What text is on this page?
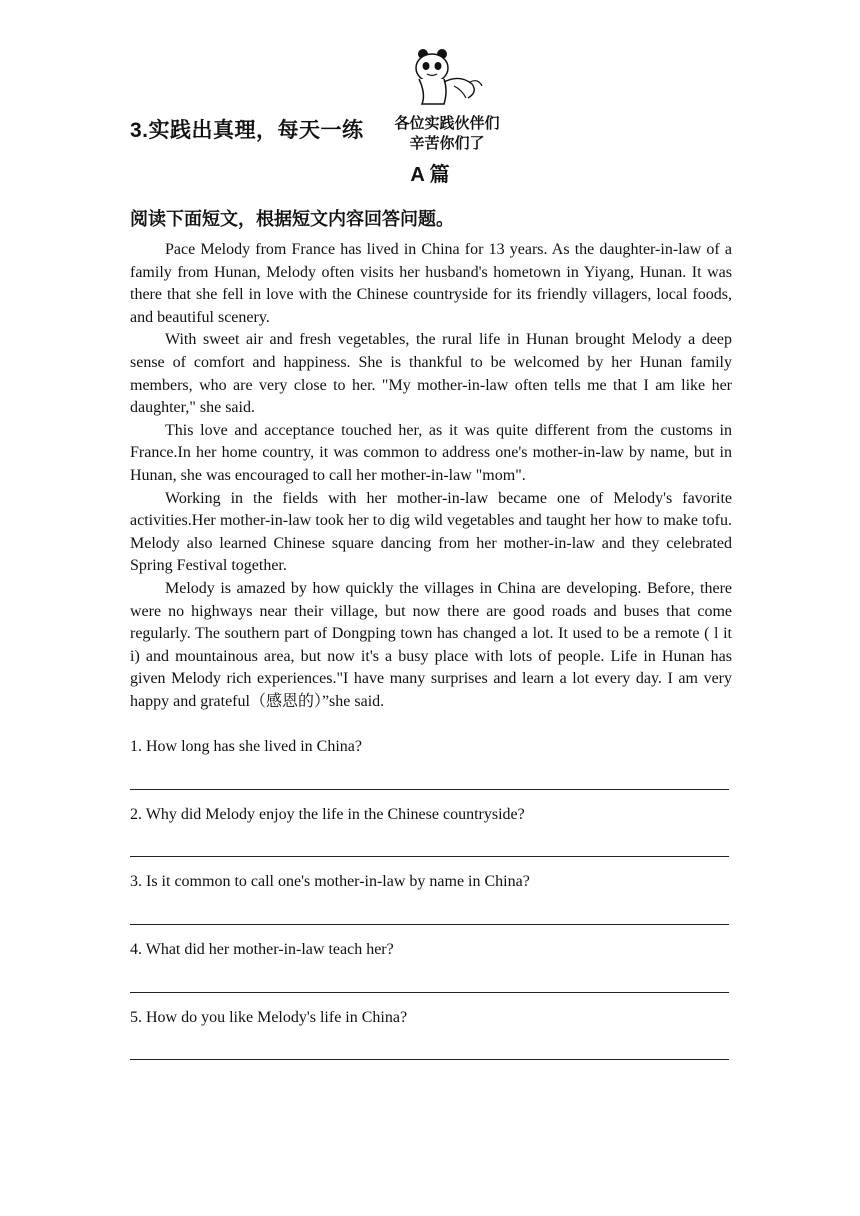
3.实践出真理，每天一练	各位实践伙伴们
辛苦你们了
A 篇
阅读下面短文，根据短文内容回答问题。

Pace Melody from France has lived in China for 13 years. As the daughter-in-law of a family from Hunan, Melody often visits her husband's hometown in Yiyang, Hunan. It was there that she fell in love with the Chinese countryside for its friendly villagers, local foods, and beautiful scenery.

With sweet air and fresh vegetables, the rural life in Hunan brought Melody a deep sense of comfort and happiness. She is thankful to be welcomed by her Hunan family members, who are very close to her. "My mother-in-law often tells me that I am like her daughter," she said.

This love and acceptance touched her, as it was quite different from the customs in France.In her home country, it was common to address one's mother-in-law by name, but in Hunan, she was encouraged to call her mother-in-law "mom".

Working in the fields with her mother-in-law became one of Melody's favorite activities.Her mother-in-law took her to dig wild vegetables and taught her how to make tofu. Melody also learned Chinese square dancing from her mother-in-law and they celebrated Spring Festival together.

Melody is amazed by how quickly the villages in China are developing. Before, there were no highways near their village, but now there are good roads and buses that come regularly. The southern part of Dongping town has changed a lot. It used to be a remote ( l it i) and mountainous area, but now it's a busy place with lots of people. Life in Hunan has given Melody rich experiences."I have many surprises and learn a lot every day. I am very happy and grateful（感恩的）”she said.

1. How long has she lived in China?
2. Why did Melody enjoy the life in the Chinese countryside?
3. Is it common to call one's mother-in-law by name in China?
4. What did her mother-in-law teach her?
5. How do you like Melody's life in China?
